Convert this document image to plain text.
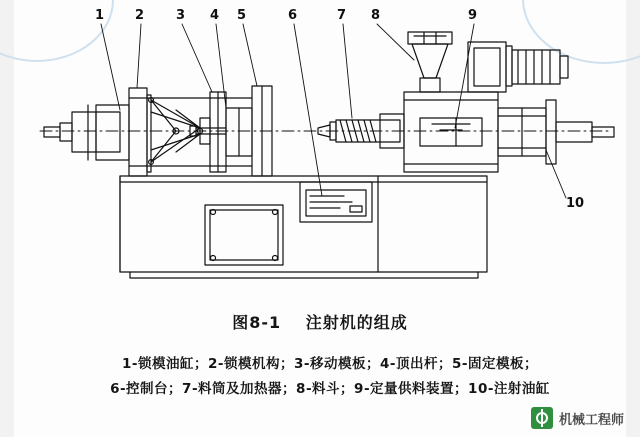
1 2 3 4 5	6	7 8	9
10
图8-1 注射机的组成
1-锁模油缸；2-锁模机构；3-移动模板；4-顶出杆；5-固定模板；
6-控制台；7-料筒及加热器；8-料斗；9-定量供料装置；10-注射油缸
机械工程师
